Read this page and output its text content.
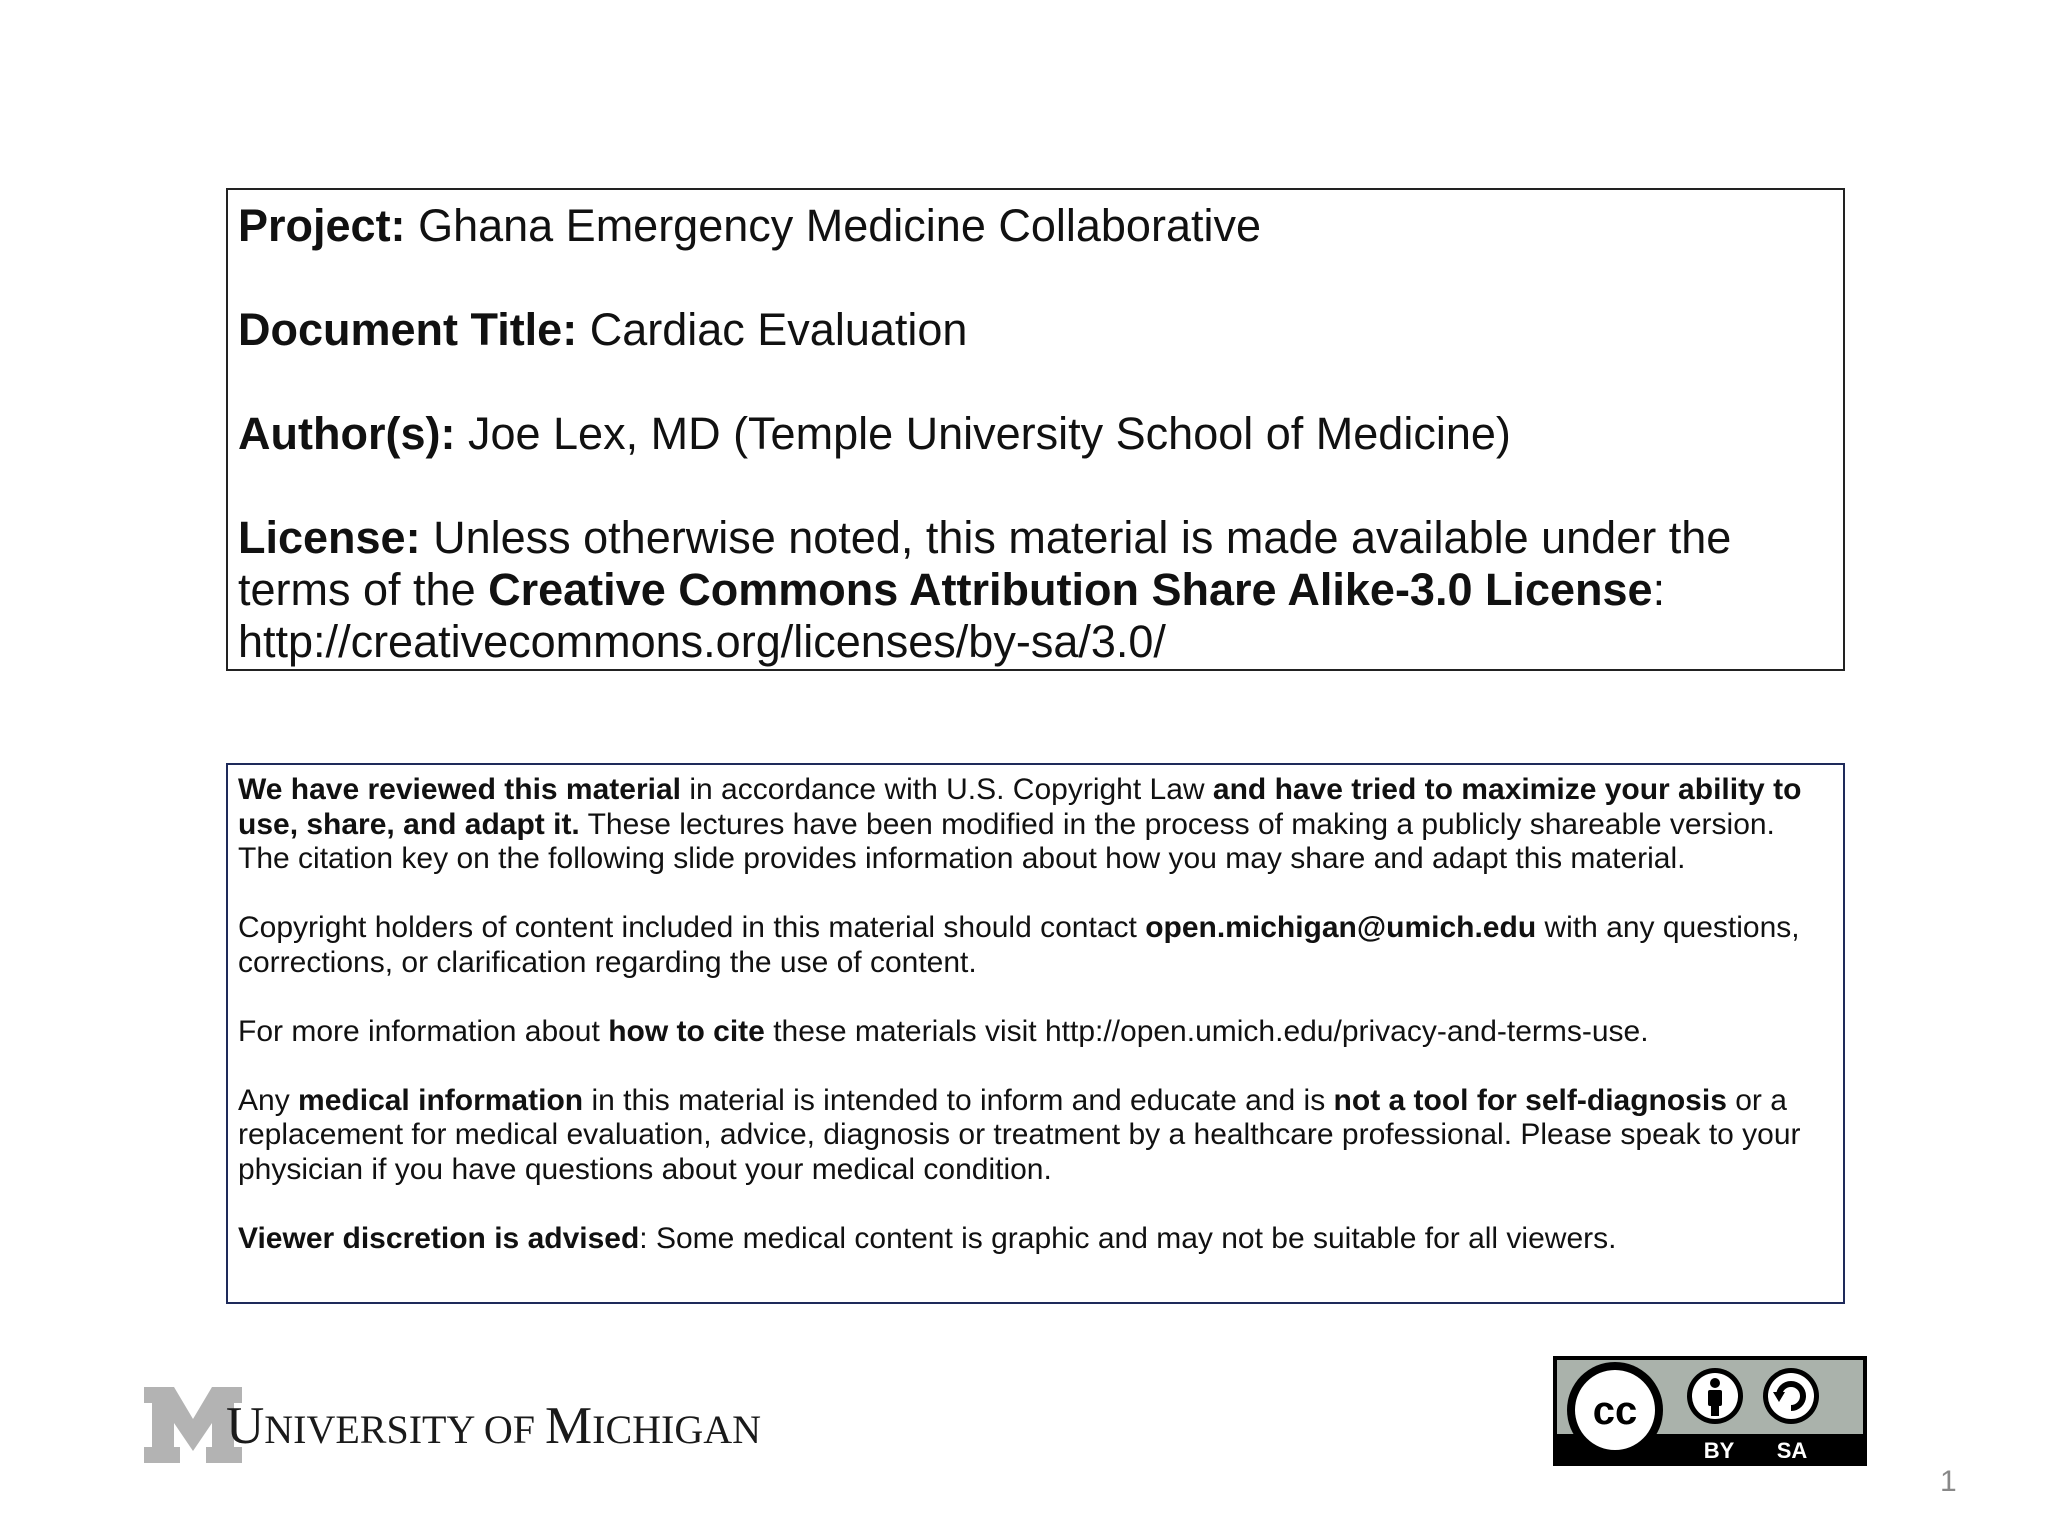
Project: Ghana Emergency Medicine Collaborative
Document Title: Cardiac Evaluation
Author(s): Joe Lex, MD (Temple University School of Medicine)
License: Unless otherwise noted, this material is made available under the terms of the Creative Commons Attribution Share Alike-3.0 License:
http://creativecommons.org/licenses/by-sa/3.0/

We have reviewed this material in accordance with U.S. Copyright Law and have tried to maximize your ability to use, share, and adapt it. These lectures have been modified in the process of making a publicly shareable version. The citation key on the following slide provides information about how you may share and adapt this material.

Copyright holders of content included in this material should contact open.michigan@umich.edu with any questions, corrections, or clarification regarding the use of content.

For more information about how to cite these materials visit http://open.umich.edu/privacy-and-terms-use.

Any medical information in this material is intended to inform and educate and is not a tool for self-diagnosis or a replacement for medical evaluation, advice, diagnosis or treatment by a healthcare professional. Please speak to your physician if you have questions about your medical condition.

Viewer discretion is advised: Some medical content is graphic and may not be suitable for all viewers.

UNIVERSITY OF MICHIGAN	cc
BY SA
1
